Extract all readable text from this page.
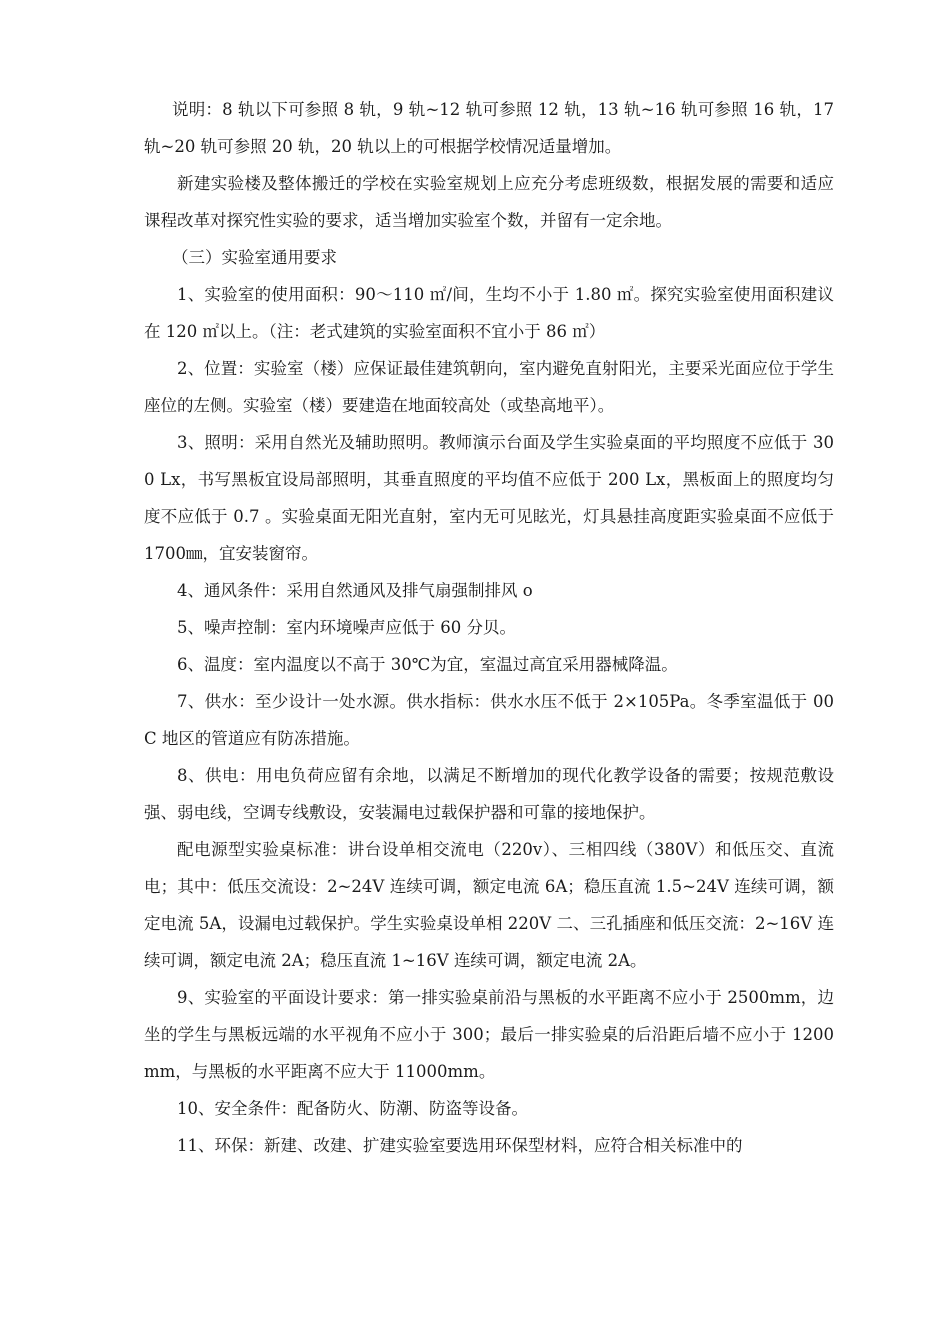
说明：8 轨以下可参照 8 轨，9 轨~12 轨可参照 12 轨，13 轨~16 轨可参照 16 轨，17 轨~20 轨可参照 20 轨，20 轨以上的可根据学校情况适量增加。

新建实验楼及整体搬迁的学校在实验室规划上应充分考虑班级数，根据发展的需要和适应课程改革对探究性实验的要求，适当增加实验室个数，并留有一定余地。

（三）实验室通用要求

1、实验室的使用面积：90～110 ㎡/间，生均不小于 1.80 ㎡。探究实验室使用面积建议在 120 ㎡以上。（注：老式建筑的实验室面积不宜小于 86 ㎡）

2、位置：实验室（楼）应保证最佳建筑朝向，室内避免直射阳光，主要采光面应位于学生座位的左侧。实验室（楼）要建造在地面较高处（或垫高地平）。

3、照明：采用自然光及辅助照明。教师演示台面及学生实验桌面的平均照度不应低于 300 Lx，书写黑板宜设局部照明，其垂直照度的平均值不应低于 200 Lx，黑板面上的照度均匀度不应低于 0.7 。实验桌面无阳光直射，室内无可见眩光，灯具悬挂高度距实验桌面不应低于 1700㎜，宜安装窗帘。

4、通风条件：采用自然通风及排气扇强制排风 o

5、噪声控制：室内环境噪声应低于 60 分贝。

6、温度：室内温度以不高于 30℃为宜，室温过高宜采用器械降温。

7、供水：至少设计一处水源。供水指标：供水水压不低于 2×105Pa。冬季室温低于 00C 地区的管道应有防冻措施。

8、供电：用电负荷应留有余地，以满足不断增加的现代化教学设备的需要；按规范敷设强、弱电线，空调专线敷设，安装漏电过载保护器和可靠的接地保护。

配电源型实验桌标准：讲台设单相交流电（220v）、三相四线（380V）和低压交、直流电；其中：低压交流设：2~24V 连续可调，额定电流 6A；稳压直流 1.5~24V 连续可调，额定电流 5A，设漏电过载保护。学生实验桌设单相 220V 二、三孔插座和低压交流：2~16V 连续可调，额定电流 2A；稳压直流 1~16V 连续可调，额定电流 2A。

9、实验室的平面设计要求：第一排实验桌前沿与黑板的水平距离不应小于 2500mm，边坐的学生与黑板远端的水平视角不应小于 300；最后一排实验桌的后沿距后墙不应小于 1200mm，与黑板的水平距离不应大于 11000mm。

10、安全条件：配备防火、防潮、防盗等设备。

11、环保：新建、改建、扩建实验室要选用环保型材料，应符合相关标准中的
